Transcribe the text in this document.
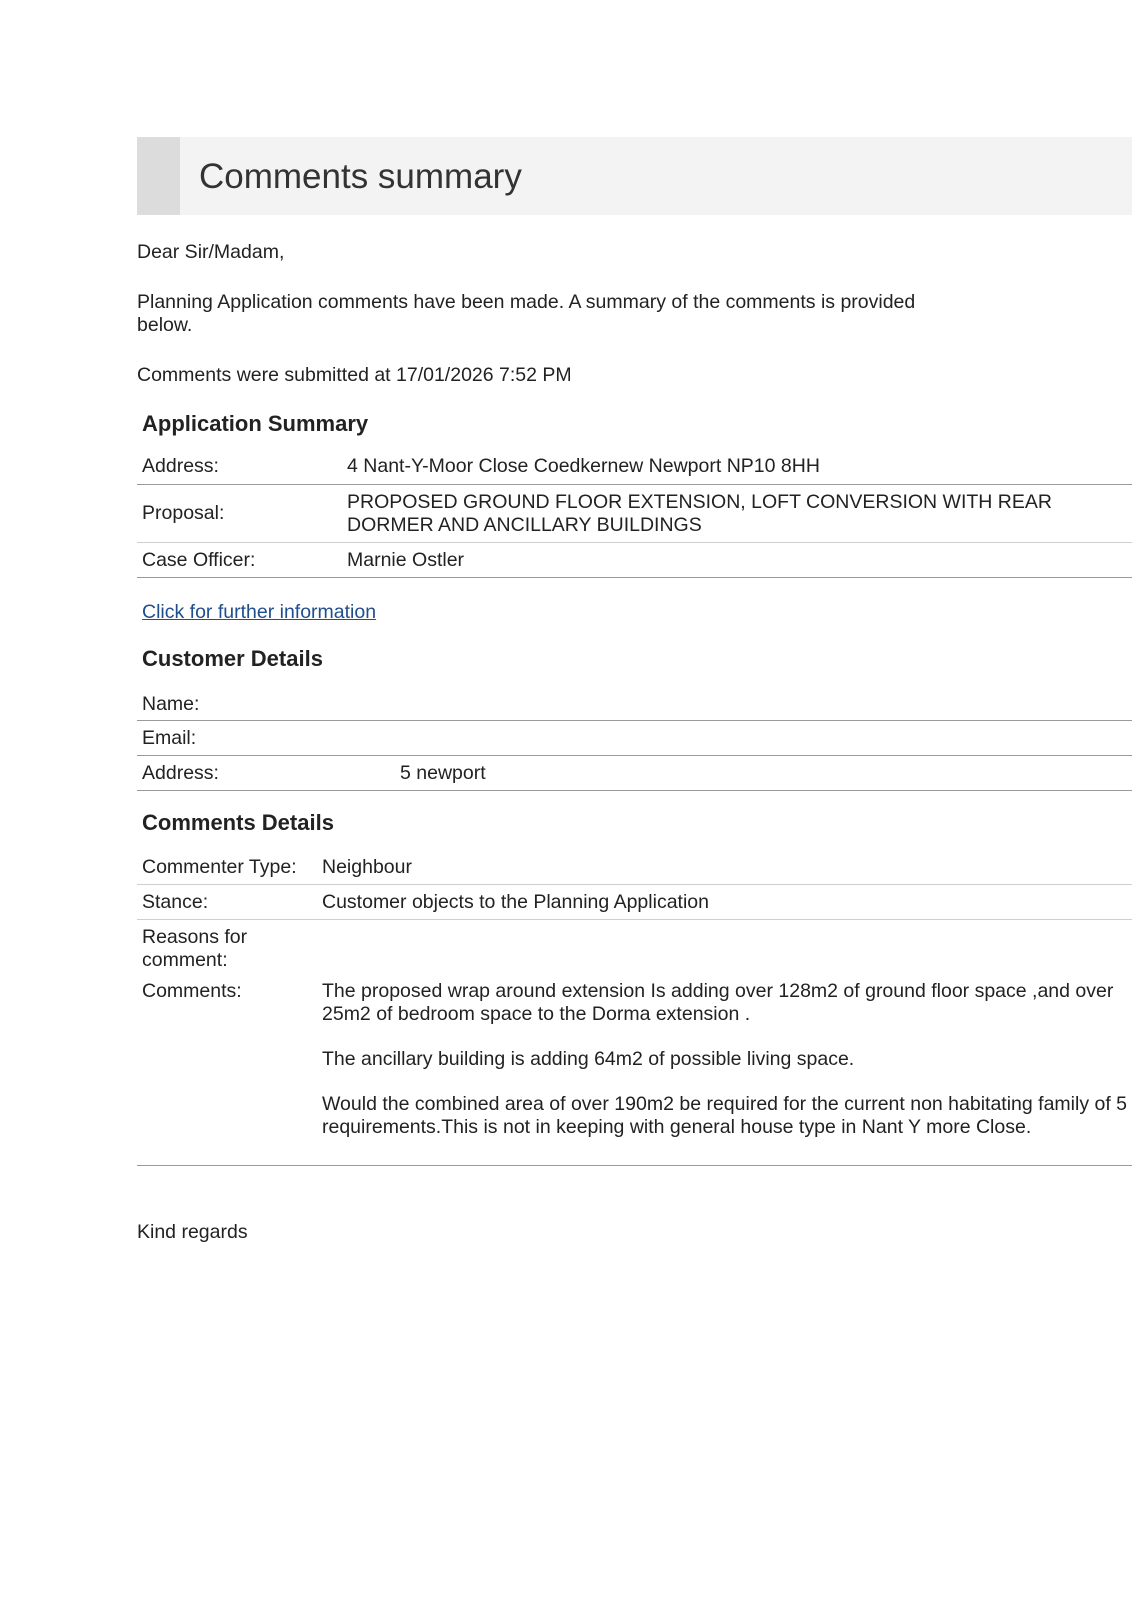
Comments summary

Dear Sir/Madam,

Planning Application comments have been made. A summary of the comments is provided below.

Comments were submitted at 17/01/2026 7:52 PM

Application Summary
Address:	4 Nant-Y-Moor Close Coedkernew Newport NP10 8HH
Proposal:
PROPOSED GROUND FLOOR EXTENSION, LOFT CONVERSION WITH REAR DORMER AND ANCILLARY BUILDINGS
Case Officer:	Marnie Ostler
Click for further information
Customer Details
Name:
Email:
Address:	5 newport
Comments Details
Commenter Type:	Neighbour
Stance:	Customer objects to the Planning Application
Reasons for comment:
Comments:	The proposed wrap around extension Is adding over 128m2 of ground floor space ,and over 25m2 of bedroom space to the Dorma extension .

The ancillary building is adding 64m2 of possible living space.

Would the combined area of over 190m2 be required for the current non habitating family of 5 requirements.This is not in keeping with general house type in Nant Y more Close.

Kind regards
